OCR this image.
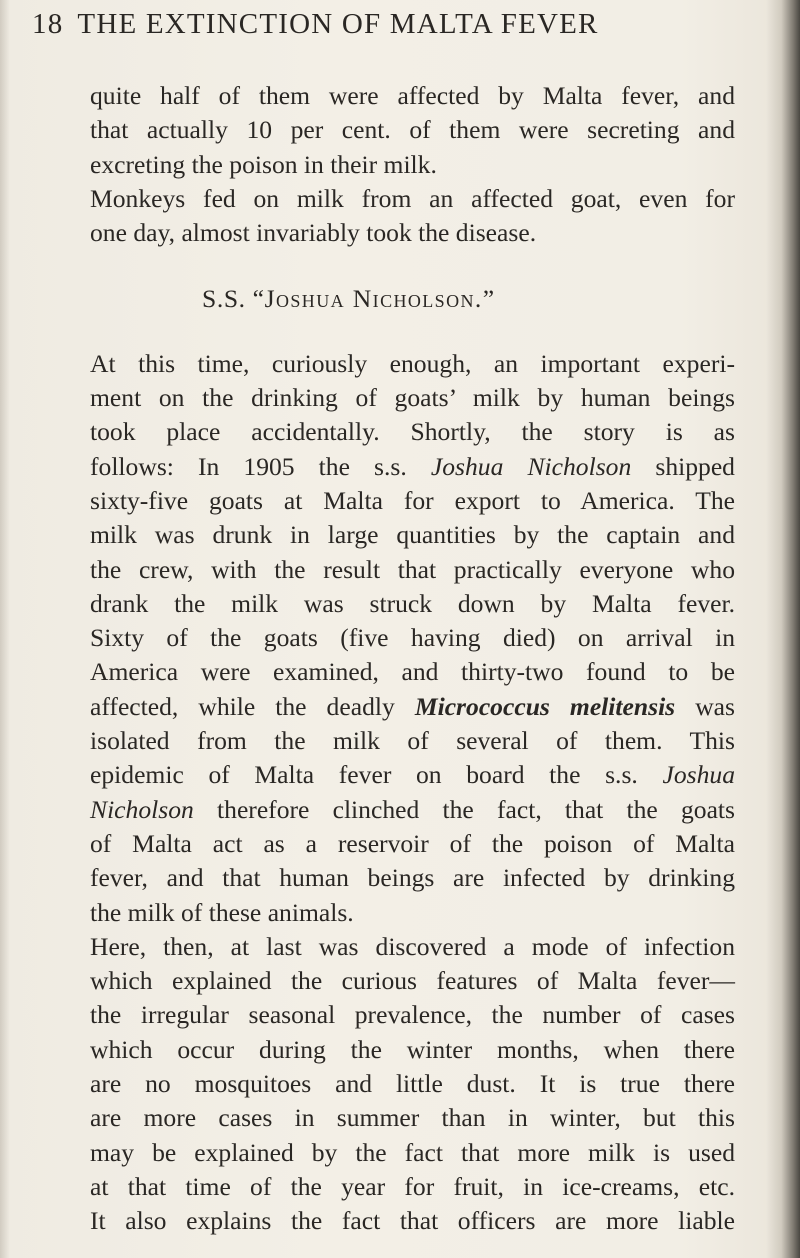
18 THE EXTINCTION OF MALTA FEVER
quite half of them were affected by Malta fever, and
that actually 10 per cent. of them were secreting and
excreting the poison in their milk.
Monkeys fed on milk from an affected goat, even for
one day, almost invariably took the disease.
S.S. “Joshua Nicholson.”
At this time, curiously enough, an important experi-
ment on the drinking of goats’ milk by human beings
took place accidentally. Shortly, the story is as
follows: In 1905 the s.s. Joshua Nicholson shipped
sixty-five goats at Malta for export to America. The
milk was drunk in large quantities by the captain and
the crew, with the result that practically everyone who
drank the milk was struck down by Malta fever.
Sixty of the goats (five having died) on arrival in
America were examined, and thirty-two found to be
affected, while the deadly Micrococcus melitensis was
isolated from the milk of several of them. This
epidemic of Malta fever on board the s.s. Joshua
Nicholson therefore clinched the fact, that the goats
of Malta act as a reservoir of the poison of Malta
fever, and that human beings are infected by drinking
the milk of these animals.
Here, then, at last was discovered a mode of infection
which explained the curious features of Malta fever—
the irregular seasonal prevalence, the number of cases
which occur during the winter months, when there
are no mosquitoes and little dust. It is true there
are more cases in summer than in winter, but this
may be explained by the fact that more milk is used
at that time of the year for fruit, in ice-creams, etc.
It also explains the fact that officers are more liable
